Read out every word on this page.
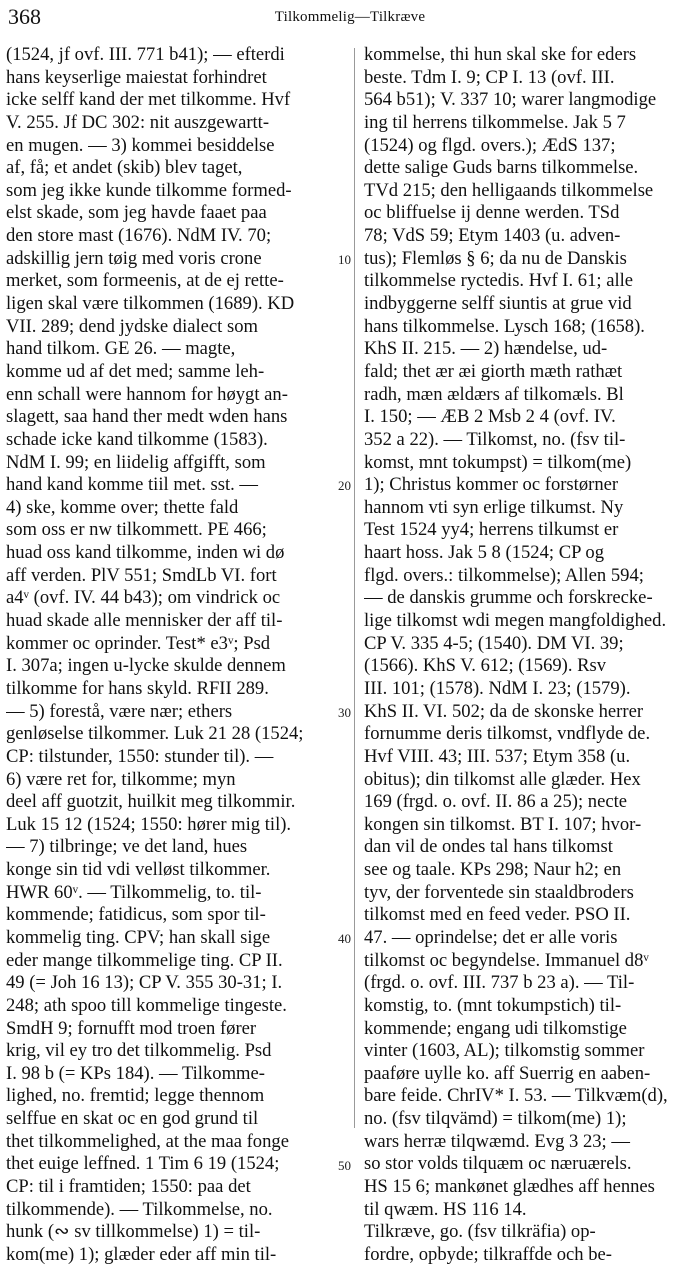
368	Tilkommelig—Tilkræve
(1524, jf ovf. III. 771 b41); — efterdi
hans keyserlige maiestat forhindret
icke selff kand der met tilkomme. Hvf
V. 255. Jf DC 302: nit auszgewartt-
en mugen. — 3) kommei besiddelse
af, få; et andet (skib) blev taget,
som jeg ikke kunde tilkomme formed-
elst skade, som jeg havde faaet paa
den store mast (1676). NdM IV. 70;
adskillig jern tøig med voris crone
merket, som formeenis, at de ej rette-
ligen skal være tilkommen (1689). KD
VII. 289; dend jydske dialect som
hand tilkom. GE 26. — magte,
komme ud af det med; samme leh-
enn schall were hannom for høygt an-
slagett, saa hand ther medt wden hans
schade icke kand tilkomme (1583).
NdM I. 99; en liidelig affgifft, som
hand kand komme tiil met. sst. —
4) ske, komme over; thette fald
som oss er nw tilkommett. PE 466;
huad oss kand tilkomme, inden wi dø
aff verden. PlV 551; SmdLb VI. fort
a4ᵛ (ovf. IV. 44 b43); om vindrick oc
huad skade alle mennisker der aff til-
kommer oc oprinder. Test* e3ᵛ; Psd
I. 307a; ingen u-lycke skulde dennem
tilkomme for hans skyld. RFII 289.
— 5) forestå, være nær; ethers
genløselse tilkommer. Luk 21 28 (1524;
CP: tilstunder, 1550: stunder til). —
6) være ret for, tilkomme; myn
deel aff guotzit, huilkit meg tilkommir.
Luk 15 12 (1524; 1550: hører mig til).
— 7) tilbringe; ve det land, hues
konge sin tid vdi velløst tilkommer.
HWR 60ᵛ. — Tilkommelig, to. til-
kommende; fatidicus, som spor til-
kommelig ting. CPV; han skall sige
eder mange tilkommelige ting. CP II.
49 (= Joh 16 13); CP V. 355 30-31; I.
248; ath spoo till kommelige tingeste.
SmdH 9; fornufft mod troen fører
krig, vil ey tro det tilkommelig. Psd
I. 98 b (= KPs 184). — Tilkomme-
lighed, no. fremtid; legge thennom
selffue en skat oc en god grund til
thet tilkommelighed, at the maa fonge
thet euige leffned. 1 Tim 6 19 (1524;
CP: til i framtiden; 1550: paa det
tilkommende). — Tilkommelse, no.
hunk (∾ sv tillkommelse) 1) = til-
kom(me) 1); glæder eder aff min til-
10
20
30
40
50
kommelse, thi hun skal ske for eders
beste. Tdm I. 9; CP I. 13 (ovf. III.
564 b51); V. 337 10; warer langmodige
ing til herrens tilkommelse. Jak 5 7
(1524) og flgd. overs.); ÆdS 137;
dette salige Guds barns tilkommelse.
TVd 215; den helligaands tilkommelse
oc bliffuelse ij denne werden. TSd
78; VdS 59; Etym 1403 (u. adven-
tus); Flemløs § 6; da nu de Danskis
tilkommelse ryctedis. Hvf I. 61; alle
indbyggerne selff siuntis at grue vid
hans tilkommelse. Lysch 168; (1658).
KhS II. 215. — 2) hændelse, ud-
fald; thet ær æi giorth mæth rathæt
radh, mæn ældærs af tilkomæls. Bl
I. 150; — ÆB 2 Msb 2 4 (ovf. IV.
352 a 22). — Tilkomst, no. (fsv til-
komst, mnt tokumpst) = tilkom(me)
1); Christus kommer oc forstørner
hannom vti syn erlige tilkumst. Ny
Test 1524 yy4; herrens tilkumst er
haart hoss. Jak 5 8 (1524; CP og
flgd. overs.: tilkommelse); Allen 594;
— de danskis grumme och forskrecke-
lige tilkomst wdi megen mangfoldighed.
CP V. 335 4-5; (1540). DM VI. 39;
(1566). KhS V. 612; (1569). Rsv
III. 101; (1578). NdM I. 23; (1579).
KhS II. VI. 502; da de skonske herrer
fornumme deris tilkomst, vndflyde de.
Hvf VIII. 43; III. 537; Etym 358 (u.
obitus); din tilkomst alle glæder. Hex
169 (frgd. o. ovf. II. 86 a 25); necte
kongen sin tilkomst. BT I. 107; hvor-
dan vil de ondes tal hans tilkomst
see og taale. KPs 298; Naur h2; en
tyv, der forventede sin staaldbroders
tilkomst med en feed veder. PSO II.
47. — oprindelse; det er alle voris
tilkomst oc begyndelse. Immanuel d8ᵛ
(frgd. o. ovf. III. 737 b 23 a). — Til-
komstig, to. (mnt tokumpstich) til-
kommende; engang udi tilkomstige
vinter (1603, AL); tilkomstig sommer
paaføre uylle ko. aff Suerrig en aaben-
bare feide. ChrIV* I. 53. — Tilkvæm(d),
no. (fsv tilqvämd) = tilkom(me) 1);
wars herræ tilqwæmd. Evg 3 23; —
so stor volds tilquæm oc næruærels.
HS 15 6; mankønet glædhes aff hennes
til qwæm. HS 116 14.
Tilkræve, go. (fsv tilkräfia) op-
fordre, opbyde; tilkraffde och be-
